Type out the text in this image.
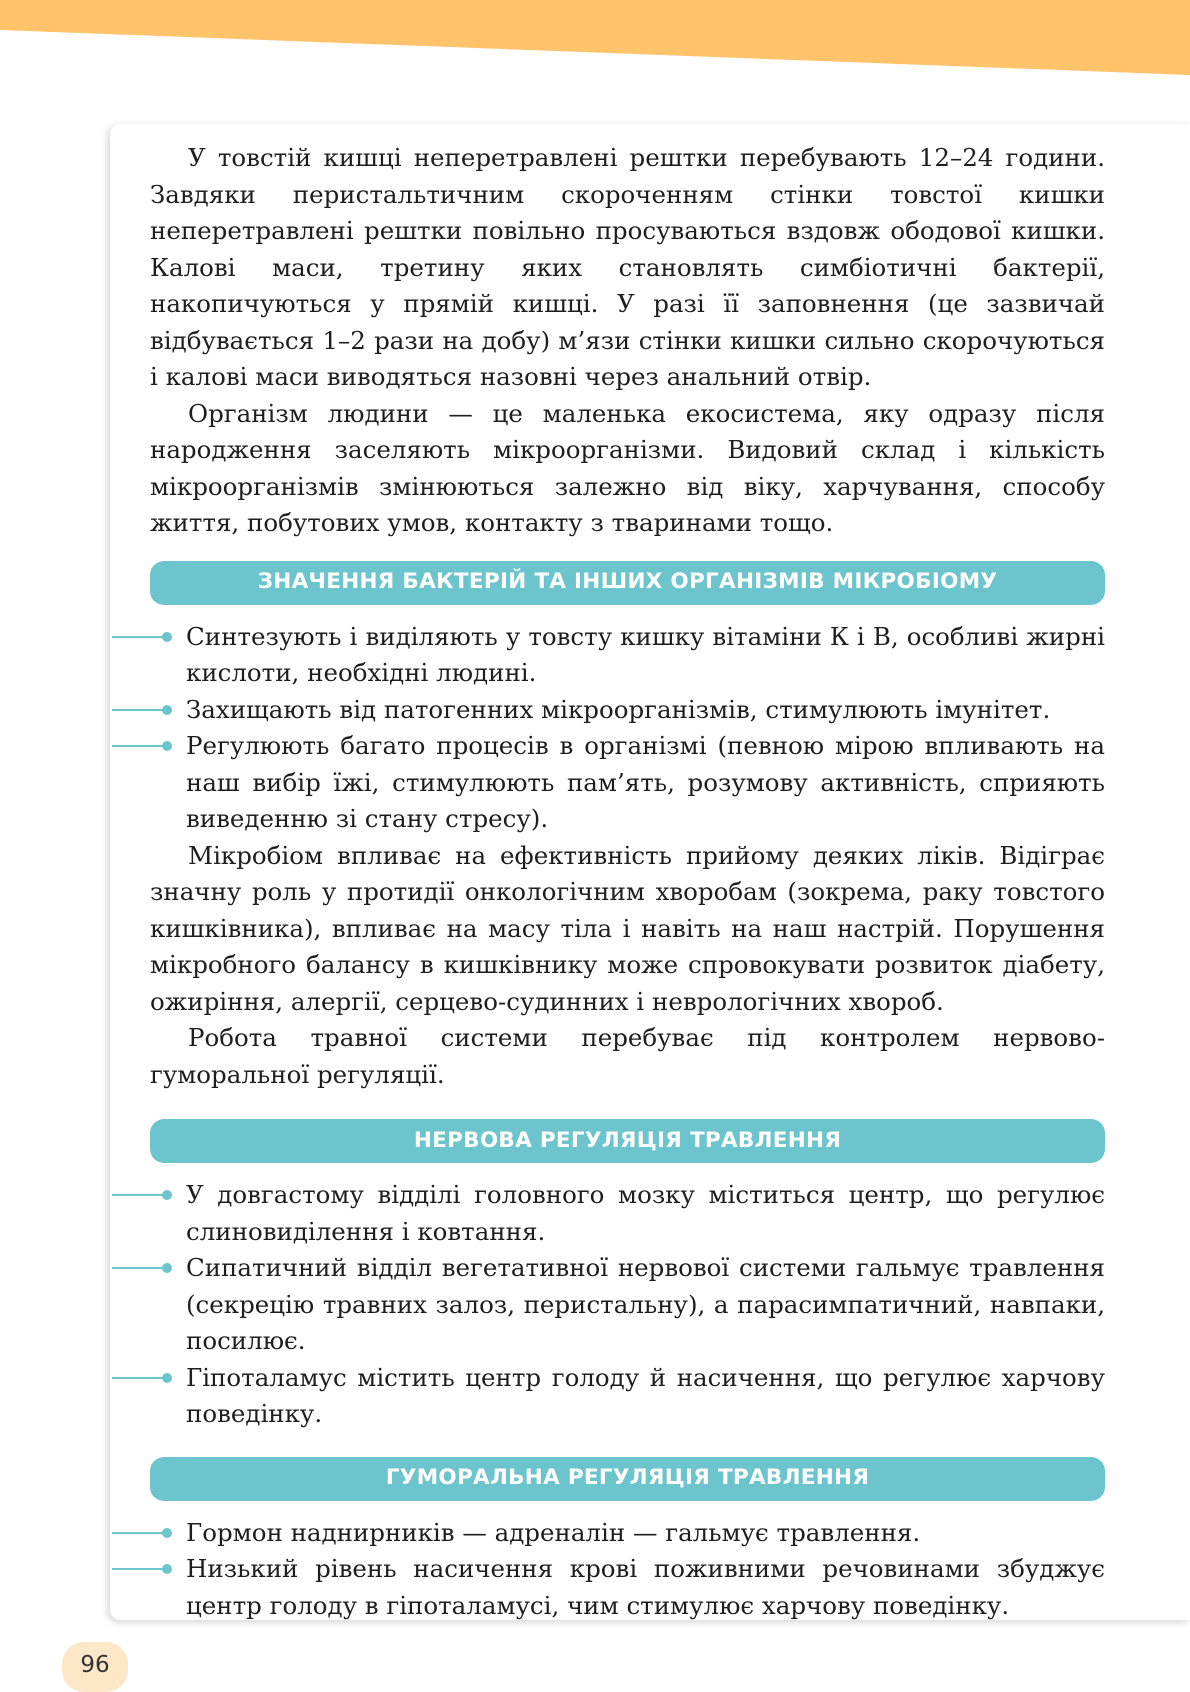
У товстій кишці неперетравлені рештки перебувають 12–24 години. Завдяки перистальтичним скороченням стінки товстої кишки неперетравлені рештки повільно просуваються вздовж ободової кишки. Калові маси, третину яких становлять симбіотичні бактерії, накопичуються у прямій кишці. У разі її заповнення (це зазвичай відбувається 1–2 рази на добу) м’язи стінки кишки сильно скорочуються і калові маси виводяться назовні через анальний отвір.

Організм людини — це маленька екосистема, яку одразу після народження заселяють мікроорганізми. Видовий склад і кількість мікроорганізмів змінюються залежно від віку, харчування, способу життя, побутових умов, контакту з тваринами тощо.

ЗНАЧЕННЯ БАКТЕРІЙ ТА ІНШИХ ОРГАНІЗМІВ МІКРОБІОМУ
Синтезують і виділяють у товсту кишку вітаміни К і В, особливі жирні кислоти, необхідні людині.
Захищають від патогенних мікроорганізмів, стимулюють імунітет.
Регулюють багато процесів в організмі (певною мірою впливають на наш вибір їжі, стимулюють пам’ять, розумову активність, сприяють виведенню зі стану стресу).

Мікробіом впливає на ефективність прийому деяких ліків. Відіграє значну роль у протидії онкологічним хворобам (зокрема, раку товстого кишківника), впливає на масу тіла і навіть на наш настрій. Порушення мікробного балансу в кишківнику може спровокувати розвиток діабету, ожиріння, алергії, серцево-судинних і неврологічних хвороб.

Робота травної системи перебуває під контролем нервово-гуморальної регуляції.

НЕРВОВА РЕГУЛЯЦІЯ ТРАВЛЕННЯ
У довгастому відділі головного мозку міститься центр, що регулює слиновиділення і ковтання.
Сипатичний відділ вегетативної нервової системи гальмує травлення (секрецію травних залоз, перистальну), а парасимпатичний, навпаки, посилює.
Гіпоталамус містить центр голоду й насичення, що регулює харчову поведінку.
ГУМОРАЛЬНА РЕГУЛЯЦІЯ ТРАВЛЕННЯ
Гормон наднирників — адреналін — гальмує травлення.
Низький рівень насичення крові поживними речовинами збуджує центр голоду в гіпоталамусі, чим стимулює харчову поведінку.
96
